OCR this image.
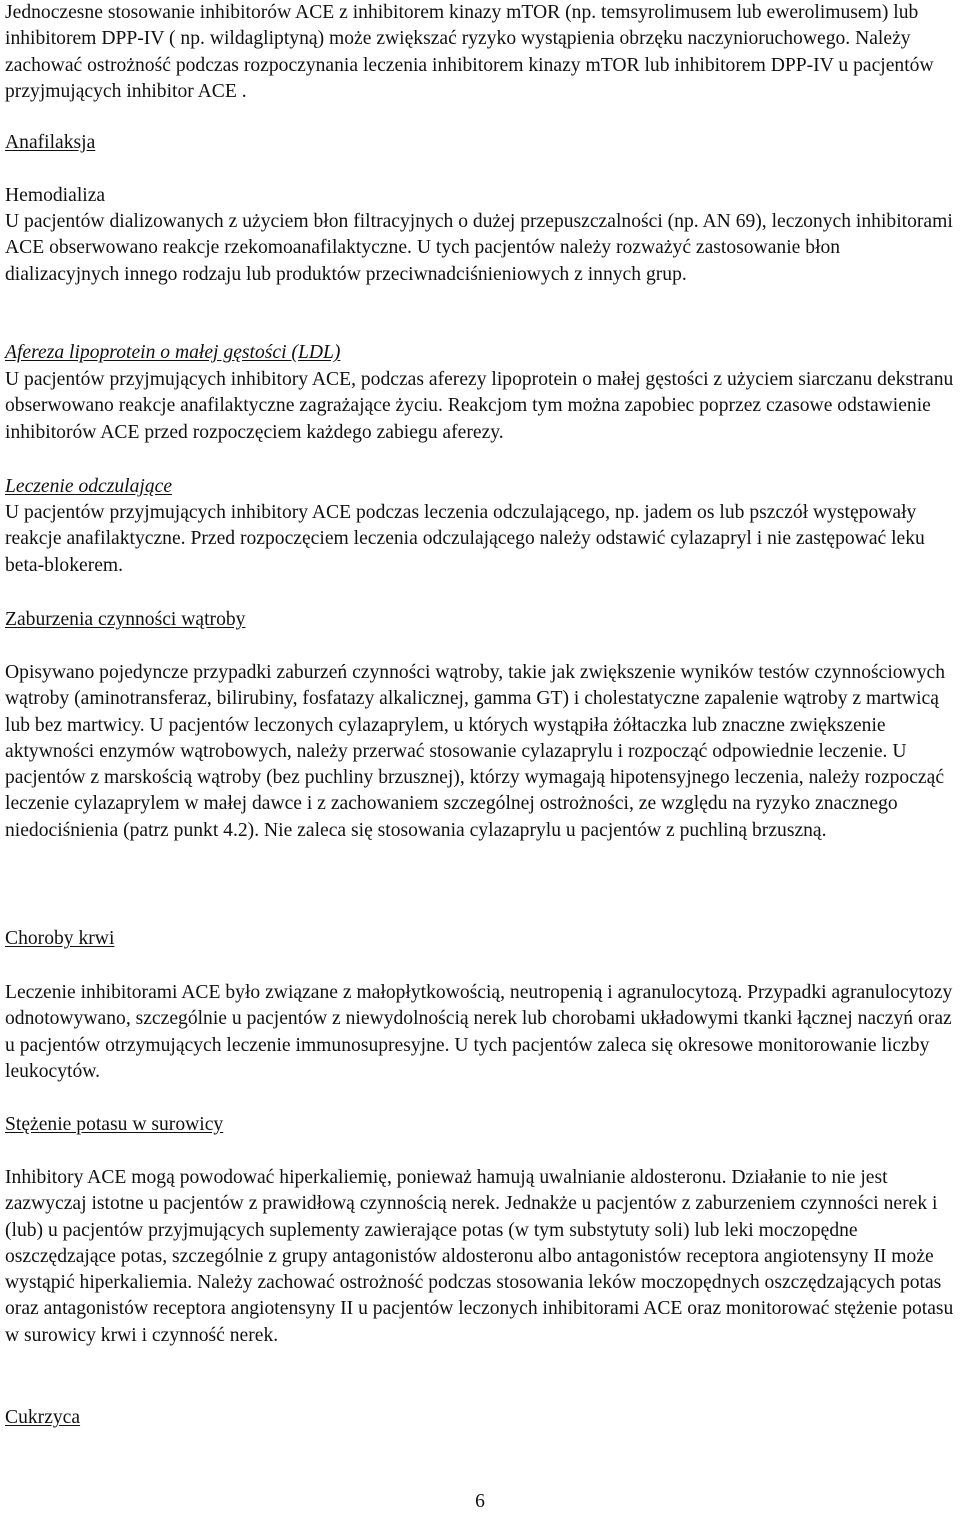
Jednoczesne stosowanie inhibitorów ACE z inhibitorem kinazy mTOR (np. temsyrolimusem lub ewerolimusem) lub inhibitorem DPP-IV ( np. wildagliptyną) może zwiększać ryzyko wystąpienia obrzęku naczynioruchowego. Należy zachować ostrożność podczas rozpoczynania leczenia inhibitorem kinazy mTOR lub inhibitorem DPP-IV u pacjentów przyjmujących inhibitor ACE .

Anafilaksja

Hemodializa

U pacjentów dializowanych z użyciem błon filtracyjnych o dużej przepuszczalności (np. AN 69), leczonych inhibitorami ACE obserwowano reakcje rzekomoanafilaktyczne. U tych pacjentów należy rozważyć zastosowanie błon dializacyjnych innego rodzaju lub produktów przeciwnadciśnieniowych z innych grup.

Afereza lipoprotein o małej gęstości (LDL)

U pacjentów przyjmujących inhibitory ACE, podczas aferezy lipoprotein o małej gęstości z użyciem siarczanu dekstranu obserwowano reakcje anafilaktyczne zagrażające życiu. Reakcjom tym można zapobiec poprzez czasowe odstawienie inhibitorów ACE przed rozpoczęciem każdego zabiegu aferezy.

Leczenie odczulające

U pacjentów przyjmujących inhibitory ACE podczas leczenia odczulającego, np. jadem os lub pszczół występowały reakcje anafilaktyczne. Przed rozpoczęciem leczenia odczulającego należy odstawić cylazapryl i nie zastępować leku beta-blokerem.

Zaburzenia czynności wątroby

Opisywano pojedyncze przypadki zaburzeń czynności wątroby, takie jak zwiększenie wyników testów czynnościowych wątroby (aminotransferaz, bilirubiny, fosfatazy alkalicznej, gamma GT) i cholestatyczne zapalenie wątroby z martwicą lub bez martwicy. U pacjentów leczonych cylazaprylem, u których wystąpiła żółtaczka lub znaczne zwiększenie aktywności enzymów wątrobowych, należy przerwać stosowanie cylazaprylu i rozpocząć odpowiednie leczenie. U pacjentów z marskością wątroby (bez puchliny brzusznej), którzy wymagają hipotensyjnego leczenia, należy rozpocząć leczenie cylazaprylem w małej dawce i z zachowaniem szczególnej ostrożności, ze względu na ryzyko znacznego niedociśnienia (patrz punkt 4.2). Nie zaleca się stosowania cylazaprylu u pacjentów z puchliną brzuszną.

Choroby krwi

Leczenie inhibitorami ACE było związane z małopłytkowością, neutropenią i agranulocytozą. Przypadki agranulocytozy odnotowywano, szczególnie u pacjentów z niewydolnością nerek lub chorobami układowymi tkanki łącznej naczyń oraz u pacjentów otrzymujących leczenie immunosupresyjne. U tych pacjentów zaleca się okresowe monitorowanie liczby leukocytów.

Stężenie potasu w surowicy

Inhibitory ACE mogą powodować hiperkaliemię, ponieważ hamują uwalnianie aldosteronu. Działanie to nie jest zazwyczaj istotne u pacjentów z prawidłową czynnością nerek. Jednakże u pacjentów z zaburzeniem czynności nerek i (lub) u pacjentów przyjmujących suplementy zawierające potas (w tym substytuty soli) lub leki moczopędne oszczędzające potas, szczególnie z grupy antagonistów aldosteronu albo antagonistów receptora angiotensyny II może wystąpić hiperkaliemia. Należy zachować ostrożność podczas stosowania leków moczopędnych oszczędzających potas oraz antagonistów receptora angiotensyny II u pacjentów leczonych inhibitorami ACE oraz monitorować stężenie potasu w surowicy krwi i czynność nerek.

Cukrzyca

6
